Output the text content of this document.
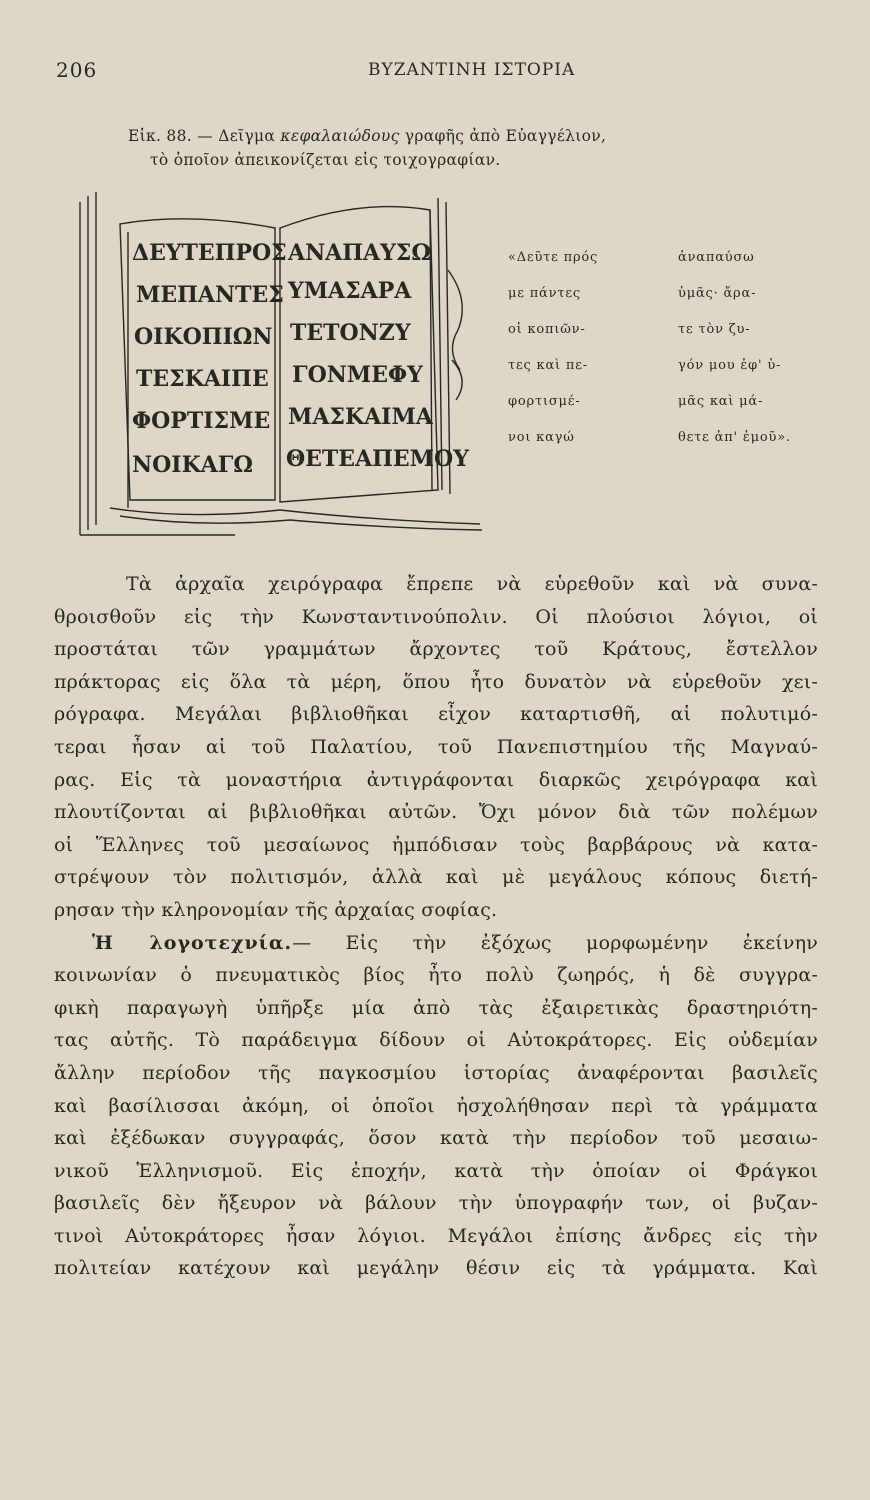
206	ΒΥΖΑΝΤΙΝΗ ΙΣΤΟΡΙΑ
Εἰκ. 88. — Δεῖγμα κεφαλαιώδους γραφῆς ἀπὸ Εὐαγγέλιον,
τὸ ὁποῖον ἀπεικονίζεται εἰς τοιχογραφίαν.
ΔΕΥΤΕΠΡΟΣ
ΜΕΠΑΝΤΕΣ
ΟΙΚΟΠΙΩΝ
ΤΕΣΚΑΙΠΕ
ΦΟΡΤΙΣΜΕ
ΝΟΙΚΑΓΩ
ΑΝΑΠΑΥΣΩ
ΥΜΑΣΑΡΑ
ΤΕΤΟΝΖΥ
ΓΟΝΜΕΦΥ
ΜΑΣΚΑΙΜΑ
ΘΕΤΕΑΠΕΜΟΥ
«Δεῦτε πρός
με πάντες
οἱ κοπιῶν-
τες καὶ πε-
φορτισμέ-
νοι καγώ
ἀναπαύσω
ὑμᾶς· ἄρα-
τε τὸν ζυ-
γόν μου ἐφ' ὑ-
μᾶς καὶ μά-
θετε ἀπ' ἐμοῦ».
Τὰ ἀρχαῖα χειρόγραφα ἔπρεπε νὰ εὑρεθοῦν καὶ νὰ συνα-
θροισθοῦν εἰς τὴν Κωνσταντινούπολιν. Οἱ πλούσιοι λόγιοι, οἱ
προστάται τῶν γραμμάτων ἄρχοντες τοῦ Κράτους, ἔστελλον
πράκτορας εἰς ὅλα τὰ μέρη, ὅπου ἦτο δυνατὸν νὰ εὑρεθοῦν χει-
ρόγραφα. Μεγάλαι βιβλιοθῆκαι εἶχον καταρτισθῆ, αἱ πολυτιμό-
τεραι ἦσαν αἱ τοῦ Παλατίου, τοῦ Πανεπιστημίου τῆς Μαγναύ-
ρας. Εἰς τὰ μοναστήρια ἀντιγράφονται διαρκῶς χειρόγραφα καὶ
πλουτίζονται αἱ βιβλιοθῆκαι αὐτῶν. Ὄχι μόνον διὰ τῶν πολέμων
οἱ Ἕλληνες τοῦ μεσαίωνος ἠμπόδισαν τοὺς βαρβάρους νὰ κατα-
στρέψουν τὸν πολιτισμόν, ἀλλὰ καὶ μὲ μεγάλους κόπους διετή-
ρησαν τὴν κληρονομίαν τῆς ἀρχαίας σοφίας.
Ἡ λογοτεχνία.— Εἰς τὴν ἐξόχως μορφωμένην ἐκείνην
κοινωνίαν ὁ πνευματικὸς βίος ἦτο πολὺ ζωηρός, ἡ δὲ συγγρα-
φικὴ παραγωγὴ ὑπῆρξε μία ἀπὸ τὰς ἐξαιρετικὰς δραστηριότη-
τας αὐτῆς. Τὸ παράδειγμα δίδουν οἱ Αὐτοκράτορες. Εἰς οὐδεμίαν
ἄλλην περίοδον τῆς παγκοσμίου ἱστορίας ἀναφέρονται βασιλεῖς
καὶ βασίλισσαι ἀκόμη, οἱ ὁποῖοι ἠσχολήθησαν περὶ τὰ γράμματα
καὶ ἐξέδωκαν συγγραφάς, ὅσον κατὰ τὴν περίοδον τοῦ μεσαιω-
νικοῦ Ἑλληνισμοῦ. Εἰς ἐποχήν, κατὰ τὴν ὁποίαν οἱ Φράγκοι
βασιλεῖς δὲν ἤξευρον νὰ βάλουν τὴν ὑπογραφήν των, οἱ βυζαν-
τινοὶ Αὐτοκράτορες ἦσαν λόγιοι. Μεγάλοι ἐπίσης ἄνδρες εἰς τὴν
πολιτείαν κατέχουν καὶ μεγάλην θέσιν εἰς τὰ γράμματα. Καὶ
